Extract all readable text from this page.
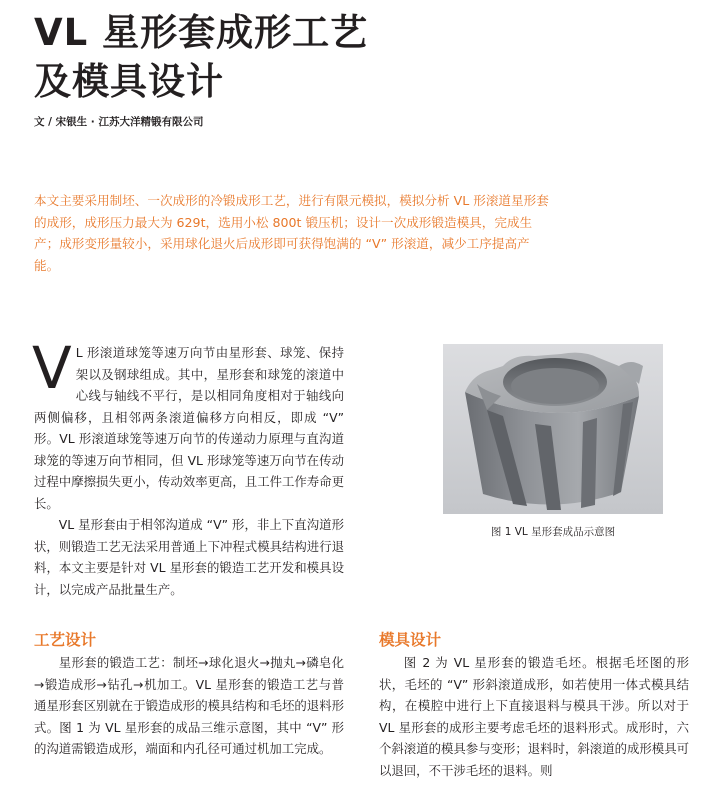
VL 星形套成形工艺
及模具设计
文 / 宋银生 · 江苏大洋精锻有限公司

本文主要采用制坯、一次成形的冷锻成形工艺，进行有限元模拟，模拟分析 VL 形滚道星形套的成形，成形压力最大为 629t，选用小松 800t 锻压机；设计一次成形锻造模具，完成生产；成形变形量较小，采用球化退火后成形即可获得饱满的 “V” 形滚道，减少工序提高产能。

V L 形滚道球笼等速万向节由星形套、球笼、保持架以及钢球组成。其中，星形套和球笼的滚道中心线与轴线不平行，是以相同角度相对于轴线向两侧偏移，且相邻两条滚道偏移方向相反，即成 “V” 形。VL 形滚道球笼等速万向节的传递动力原理与直沟道球笼的等速万向节相同，但 VL 形球笼等速万向节在传动过程中摩擦损失更小，传动效率更高，且工件工作寿命更长。

VL 星形套由于相邻沟道成 “V” 形，非上下直沟道形状，则锻造工艺无法采用普通上下冲程式模具结构进行退料，本文主要是针对 VL 星形套的锻造工艺开发和模具设计，以完成产品批量生产。

图 1 VL 星形套成品示意图
工艺设计

星形套的锻造工艺：制坯→球化退火→抛丸→磷皂化→锻造成形→钻孔→机加工。VL 星形套的锻造工艺与普通星形套区别就在于锻造成形的模具结构和毛坯的退料形式。图 1 为 VL 星形套的成品三维示意图，其中 “V” 形的沟道需锻造成形，端面和内孔径可通过机加工完成。

模具设计

图 2 为 VL 星形套的锻造毛坯。根据毛坯图的形状，毛坯的 “V” 形斜滚道成形，如若使用一体式模具结构，在模腔中进行上下直接退料与模具干涉。所以对于 VL 星形套的成形主要考虑毛坯的退料形式。成形时，六个斜滚道的模具参与变形；退料时，斜滚道的成形模具可以退回，不干涉毛坯的退料。则
